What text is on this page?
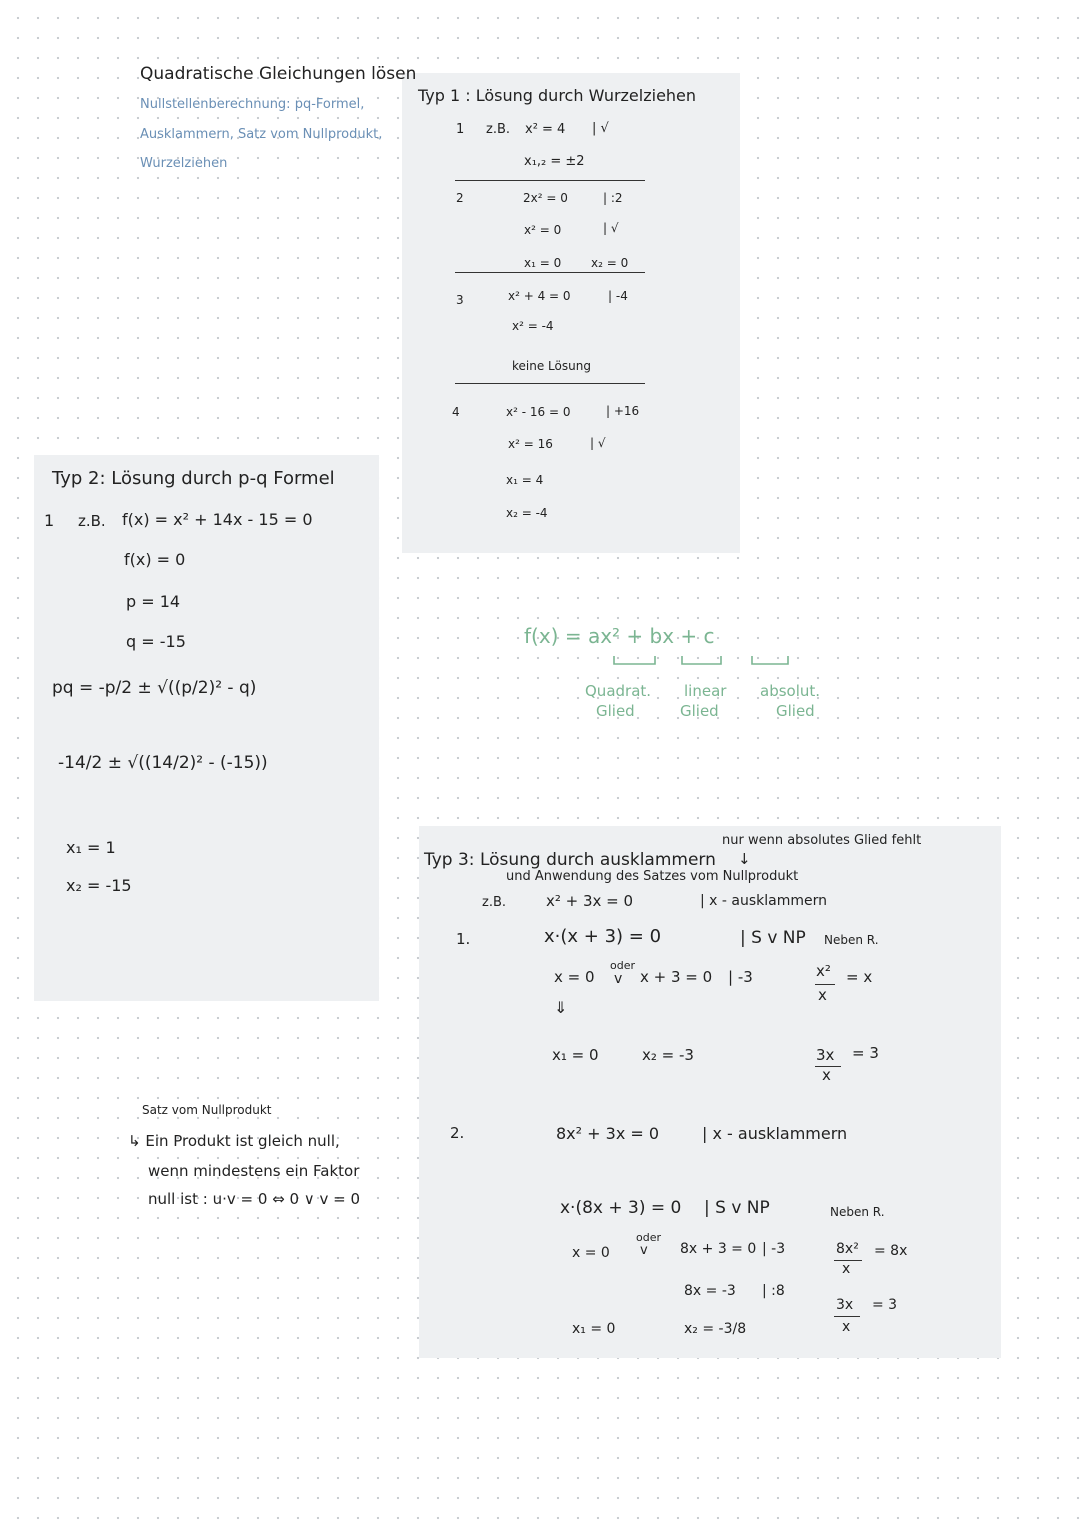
Quadratische Gleichungen lösen
Nullstellenberechnung: pq-Formel,
Ausklammern, Satz vom Nullprodukt,
Wurzelziehen
Typ 1 : Lösung durch Wurzelziehen
1 z.B. x² = 4 | √
x₁,₂ = ±2
2	2x² = 0	| :2
x² = 0	| √
x₁ = 0 x₂ = 0
3	x² + 4 = 0	| -4
x² = -4
keine Lösung
4	x² - 16 = 0	| +16
x² = 16	| √
x₁ = 4
x₂ = -4
Typ 2: Lösung durch p-q Formel
1 z.B. f(x) = x² + 14x - 15 = 0
f(x) = 0
p = 14
q = -15
pq = -p/2 ± √((p/2)² - q)
-14/2 ± √((14/2)² - (-15))
x₁ = 1
x₂ = -15
f(x) = ax² + bx + c
Quadrat.
Glied
linear
Glied
absolut.
Glied
Satz vom Nullprodukt
↳ Ein Produkt ist gleich null,
wenn mindestens ein Faktor
null ist : u·v = 0 ⇔ 0 ∨ v = 0
nur wenn absolutes Glied fehlt
↓
Typ 3: Lösung durch ausklammern
und Anwendung des Satzes vom Nullprodukt
z.B.	x² + 3x = 0	| x - ausklammern
1.	x·(x + 3) = 0	| S v NP Neben R.
oder
x = 0 v x + 3 = 0 | -3
⇓
x₁ = 0	x₂ = -3
x²
x
= x
3x
x
= 3
2.	8x² + 3x = 0	| x - ausklammern
x·(8x + 3) = 0 | S v NP	Neben R.
oder
x = 0 v 8x + 3 = 0 | -3
8x = -3 | :8
x₁ = 0	x₂ = -3/8
8x²
x
= 8x
3x
x
= 3
